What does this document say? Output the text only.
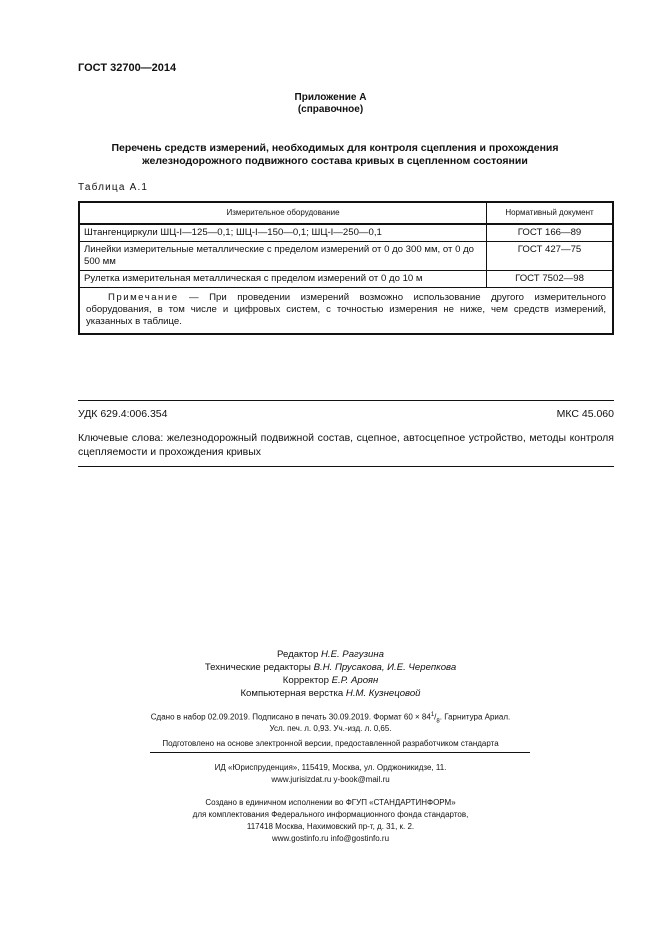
ГОСТ 32700—2014
Приложение А
(справочное)
Перечень средств измерений, необходимых для контроля сцепления и прохождения
железнодорожного подвижного состава кривых в сцепленном состоянии
Таблица А.1
Измерительное оборудование	Нормативный документ
Штангенциркули ШЦ-I—125—0,1; ШЦ-I—150—0,1; ШЦ-I—250—0,1	ГОСТ 166—89
Линейки измерительные металлические с пределом измерений от 0 до 300 мм, от 0 до 500 мм	ГОСТ 427—75
Рулетка измерительная металлическая с пределом измерений от 0 до 10 м	ГОСТ 7502—98
Примечание — При проведении измерений возможно использование другого измерительного оборудования, в том числе и цифровых систем, с точностью измерения не ниже, чем средств измерений, указанных в таблице.	
УДК 629.4:006.354	МКС 45.060
Ключевые слова: железнодорожный подвижной состав, сцепное, автосцепное устройство, методы контроля сцепляемости и прохождения кривых
Редактор Н.Е. Рагузина
Технические редакторы В.Н. Прусакова, И.Е. Черепкова
Корректор Е.Р. Ароян
Компьютерная верстка Н.М. Кузнецовой
Сдано в набор 02.09.2019. Подписано в печать 30.09.2019. Формат $60 \times 84^1/_8$. Гарнитура Ариал.
Усл. печ. л. 0,93. Уч.-изд. л. 0,65.
Подготовлено на основе электронной версии, предоставленной разработчиком стандарта
ИД «Юриспруденция», 115419, Москва, ул. Орджоникидзе, 11.
www.jurisizdat.ru y-book@mail.ru
Создано в единичном исполнении во ФГУП «СТАНДАРТИНФОРМ»
для комплектования Федерального информационного фонда стандартов,
117418 Москва, Нахимовский пр-т, д. 31, к. 2.
www.gostinfo.ru info@gostinfo.ru
